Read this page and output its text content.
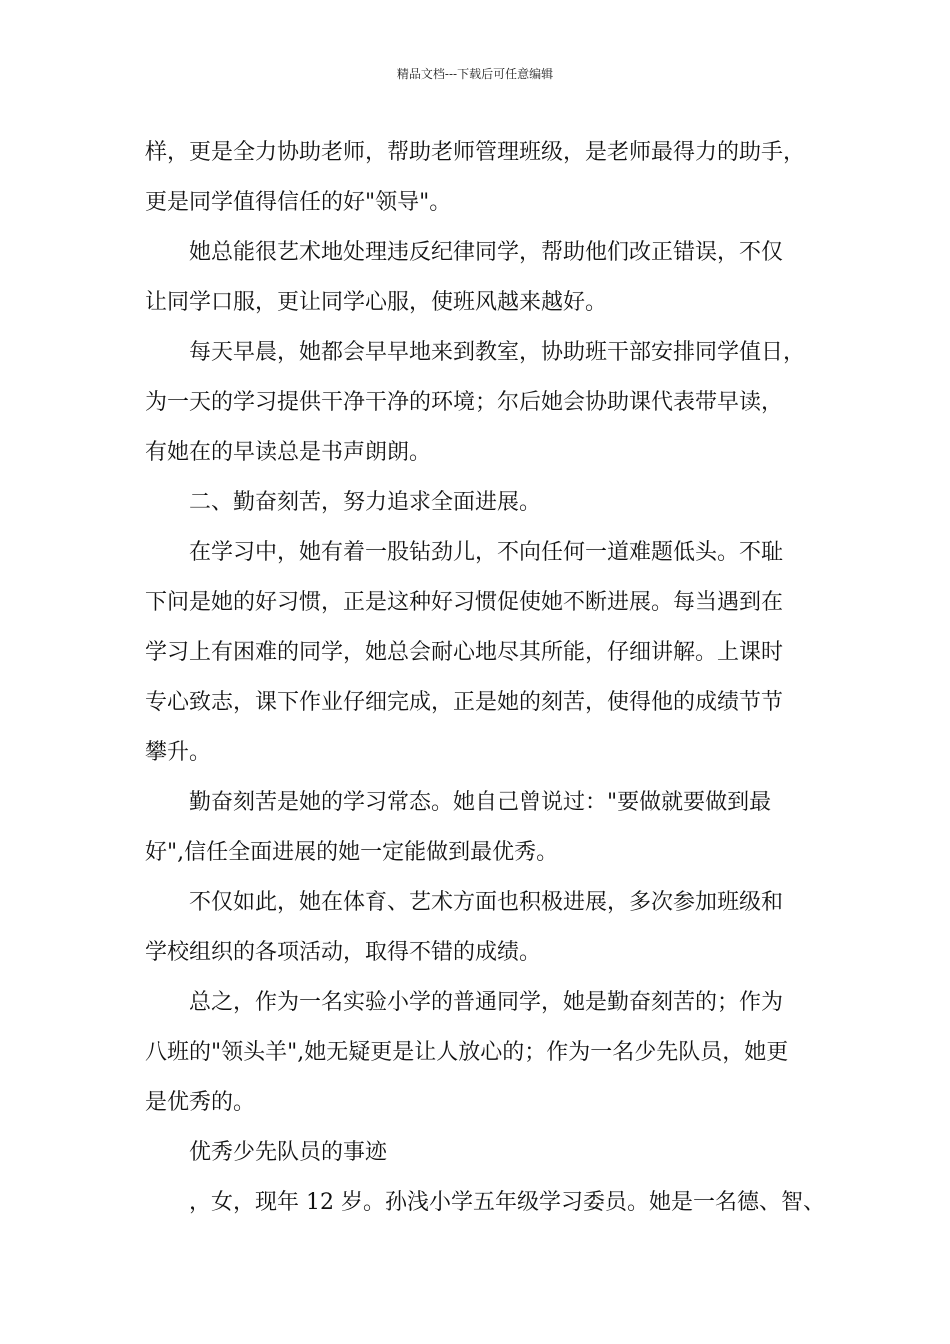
精品文档---下载后可任意编辑
样，更是全力协助老师，帮助老师管理班级，是老师最得力的助手，
更是同学值得信任的好"领导"。
她总能很艺术地处理违反纪律同学，帮助他们改正错误，不仅
让同学口服，更让同学心服，使班风越来越好。
每天早晨，她都会早早地来到教室，协助班干部安排同学值日，
为一天的学习提供干净干净的环境；尔后她会协助课代表带早读，
有她在的早读总是书声朗朗。
二、勤奋刻苦，努力追求全面进展。
在学习中，她有着一股钻劲儿，不向任何一道难题低头。不耻
下问是她的好习惯，正是这种好习惯促使她不断进展。每当遇到在
学习上有困难的同学，她总会耐心地尽其所能，仔细讲解。上课时
专心致志，课下作业仔细完成，正是她的刻苦，使得他的成绩节节
攀升。
勤奋刻苦是她的学习常态。她自己曾说过："要做就要做到最
好",信任全面进展的她一定能做到最优秀。
不仅如此，她在体育、艺术方面也积极进展，多次参加班级和
学校组织的各项活动，取得不错的成绩。
总之，作为一名实验小学的普通同学，她是勤奋刻苦的；作为
八班的"领头羊",她无疑更是让人放心的；作为一名少先队员，她更
是优秀的。
优秀少先队员的事迹
，女，现年 12 岁。孙浅小学五年级学习委员。她是一名德、智、
